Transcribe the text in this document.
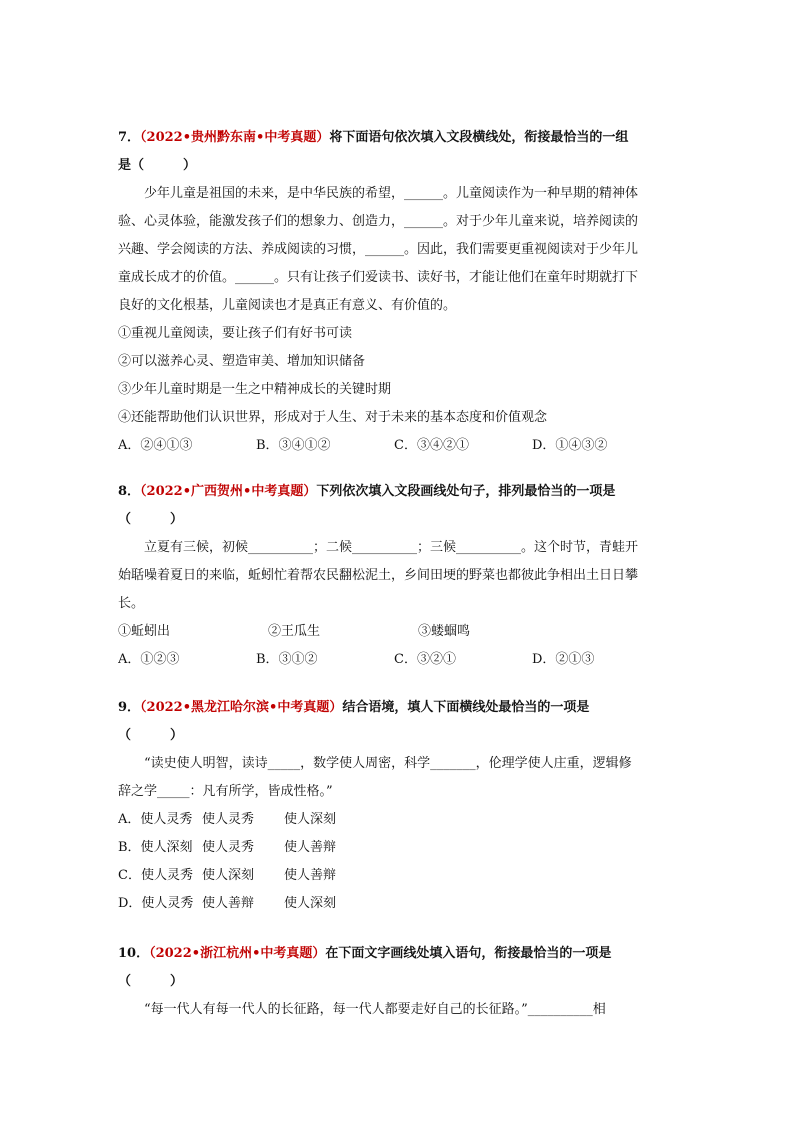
7．（2022•贵州黔东南•中考真题）将下面语句依次填入文段横线处，衔接最恰当的一组
是（　　　）
少年儿童是祖国的未来，是中华民族的希望，______。儿童阅读作为一种早期的精神体
验、心灵体验，能激发孩子们的想象力、创造力，______。对于少年儿童来说，培养阅读的
兴趣、学会阅读的方法、养成阅读的习惯，______。因此，我们需要更重视阅读对于少年儿
童成长成才的价值。______。只有让孩子们爱读书、读好书，才能让他们在童年时期就打下
良好的文化根基，儿童阅读也才是真正有意义、有价值的。
①重视儿童阅读，要让孩子们有好书可读
②可以滋养心灵、塑造审美、增加知识储备
③少年儿童时期是一生之中精神成长的关键时期
④还能帮助他们认识世界，形成对于人生、对于未来的基本态度和价值观念
A．②④①③	B．③④①②	C．③④②①	D．①④③②
8．（2022•广西贺州•中考真题）下列依次填入文段画线处句子，排列最恰当的一项是
（　　　）
立夏有三候，初候__________；二候__________；三候__________。这个时节，青蛙开
始聒噪着夏日的来临，蚯蚓忙着帮农民翻松泥土，乡间田埂的野菜也都彼此争相出土日日攀
长。
①蚯蚓出	②王瓜生	③蝼蝈鸣
A．①②③	B．③①②	C．③②①	D．②①③
9．（2022•黑龙江哈尔滨•中考真题）结合语境，填人下面横线处最恰当的一项是
（　　　）
“读史使人明智，读诗_____，数学使人周密，科学_______，伦理学使人庄重，逻辑修
辞之学_____：凡有所学，皆成性格。”
A．使人灵秀 使人灵秀 使人深刻
B．使人深刻 使人灵秀 使人善辩
C．使人灵秀 使人深刻 使人善辩
D．使人灵秀 使人善辩 使人深刻
10．（2022•浙江杭州•中考真题）在下面文字画线处填入语句，衔接最恰当的一项是
（　　　）
“每一代人有每一代人的长征路，每一代人都要走好自己的长征路。”__________相
